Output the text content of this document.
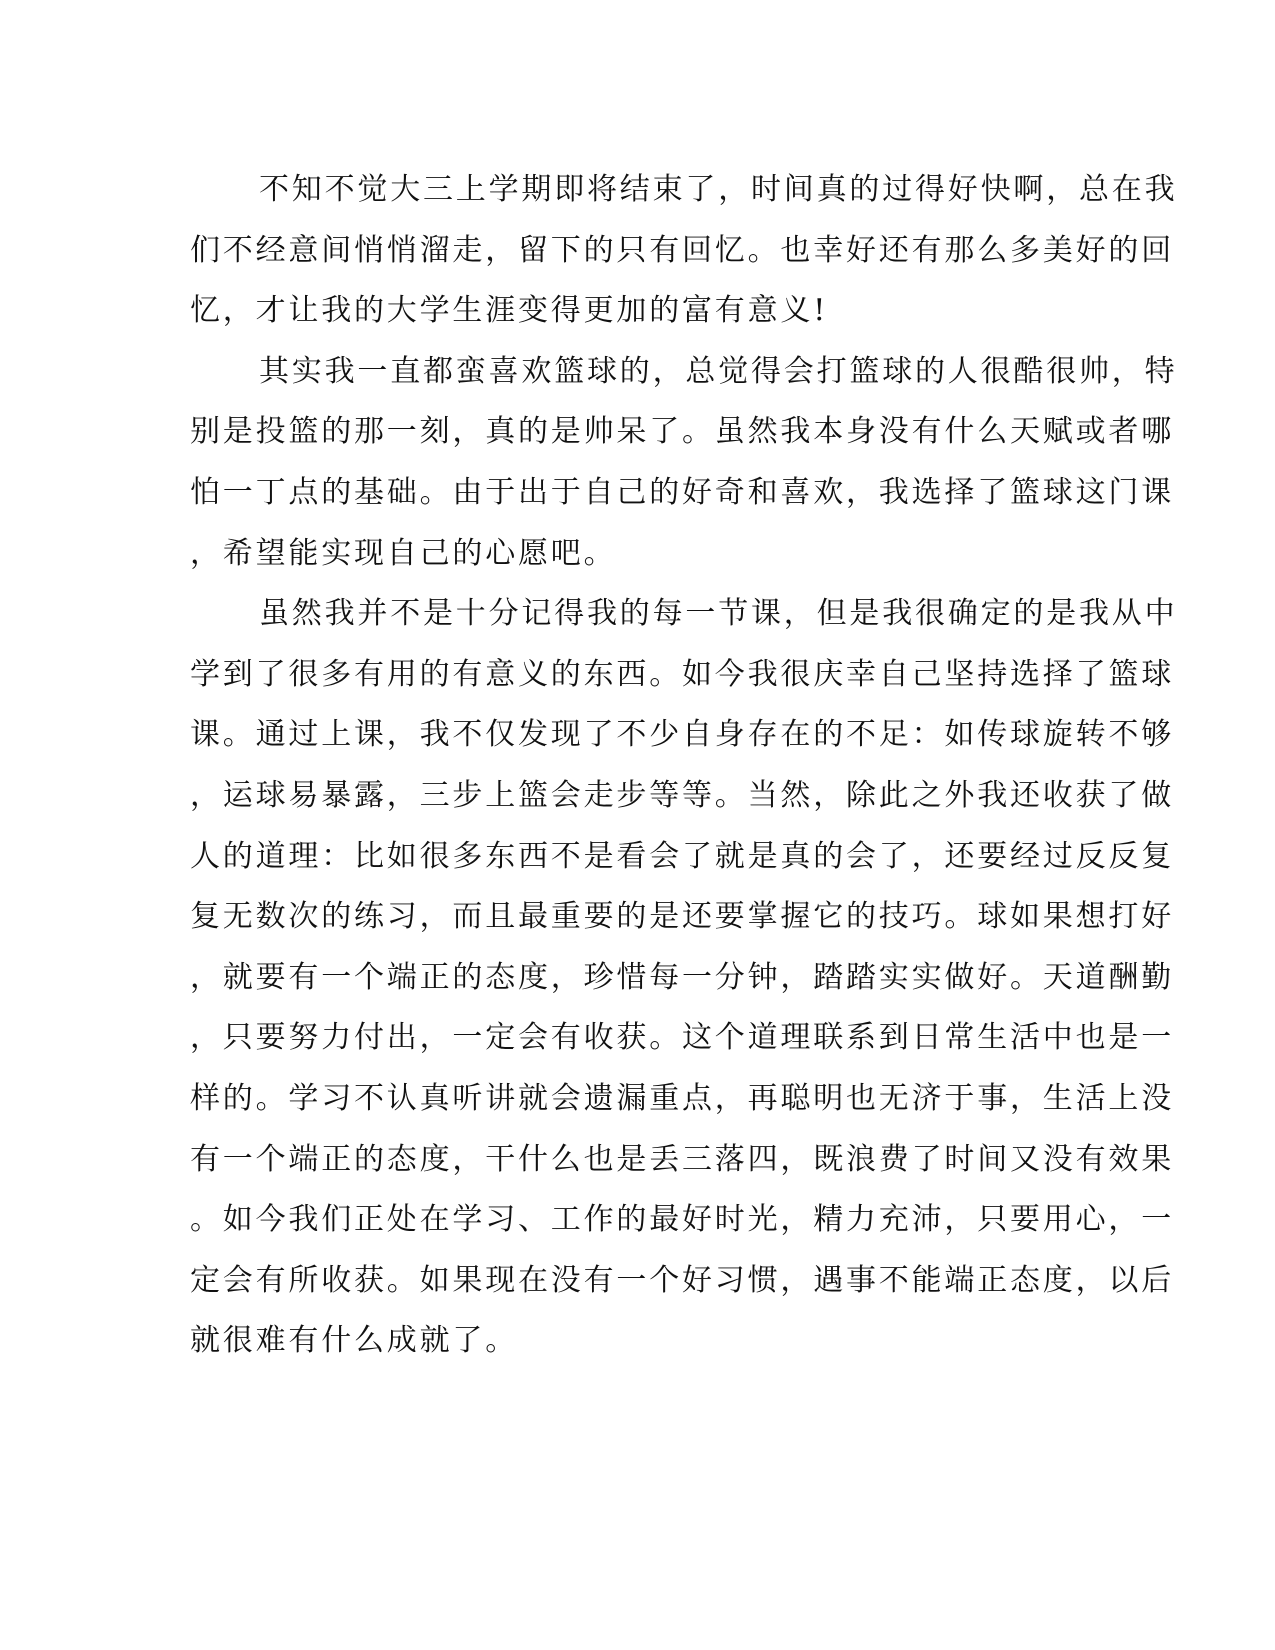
不知不觉大三上学期即将结束了，时间真的过得好快啊，总在我
们不经意间悄悄溜走，留下的只有回忆。也幸好还有那么多美好的回
忆，才让我的大学生涯变得更加的富有意义!
其实我一直都蛮喜欢篮球的，总觉得会打篮球的人很酷很帅，特
别是投篮的那一刻，真的是帅呆了。虽然我本身没有什么天赋或者哪
怕一丁点的基础。由于出于自己的好奇和喜欢，我选择了篮球这门课
，希望能实现自己的心愿吧。
虽然我并不是十分记得我的每一节课，但是我很确定的是我从中
学到了很多有用的有意义的东西。如今我很庆幸自己坚持选择了篮球
课。通过上课，我不仅发现了不少自身存在的不足：如传球旋转不够
，运球易暴露，三步上篮会走步等等。当然，除此之外我还收获了做
人的道理：比如很多东西不是看会了就是真的会了，还要经过反反复
复无数次的练习，而且最重要的是还要掌握它的技巧。球如果想打好
，就要有一个端正的态度，珍惜每一分钟，踏踏实实做好。天道酬勤
，只要努力付出，一定会有收获。这个道理联系到日常生活中也是一
样的。学习不认真听讲就会遗漏重点，再聪明也无济于事，生活上没
有一个端正的态度，干什么也是丢三落四，既浪费了时间又没有效果
。如今我们正处在学习、工作的最好时光，精力充沛，只要用心，一
定会有所收获。如果现在没有一个好习惯，遇事不能端正态度，以后
就很难有什么成就了。
